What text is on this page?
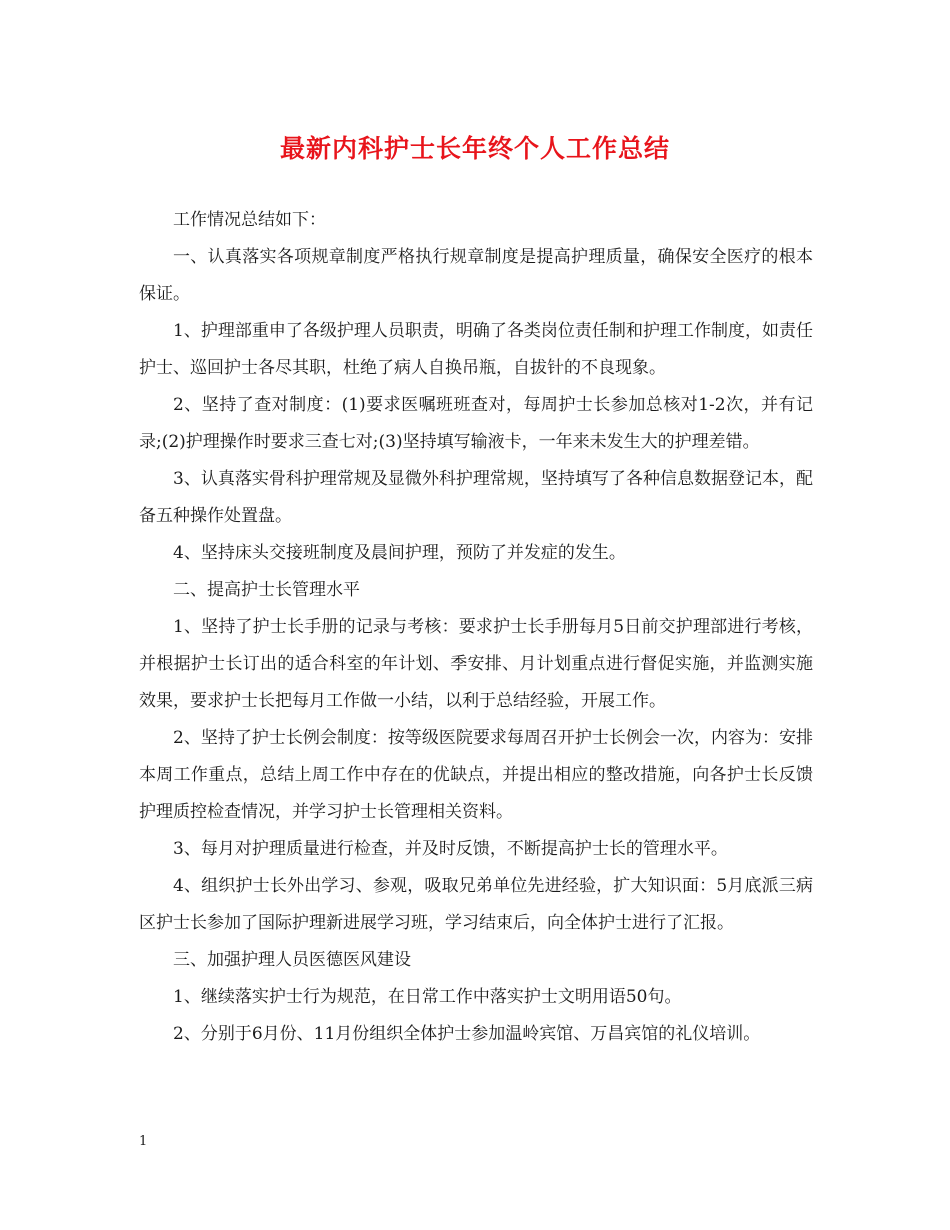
最新内科护士长年终个人工作总结

工作情况总结如下：

一、认真落实各项规章制度严格执行规章制度是提高护理质量，确保安全医疗的根本保证。

1、护理部重申了各级护理人员职责，明确了各类岗位责任制和护理工作制度，如责任护士、巡回护士各尽其职，杜绝了病人自换吊瓶，自拔针的不良现象。

2、坚持了查对制度：(1)要求医嘱班班查对，每周护士长参加总核对1-2次，并有记录;(2)护理操作时要求三查七对;(3)坚持填写输液卡，一年来未发生大的护理差错。

3、认真落实骨科护理常规及显微外科护理常规，坚持填写了各种信息数据登记本，配备五种操作处置盘。

4、坚持床头交接班制度及晨间护理，预防了并发症的发生。

二、提高护士长管理水平

1、坚持了护士长手册的记录与考核：要求护士长手册每月5日前交护理部进行考核，并根据护士长订出的适合科室的年计划、季安排、月计划重点进行督促实施，并监测实施效果，要求护士长把每月工作做一小结，以利于总结经验，开展工作。

2、坚持了护士长例会制度：按等级医院要求每周召开护士长例会一次，内容为：安排本周工作重点，总结上周工作中存在的优缺点，并提出相应的整改措施，向各护士长反馈护理质控检查情况，并学习护士长管理相关资料。

3、每月对护理质量进行检查，并及时反馈，不断提高护士长的管理水平。

4、组织护士长外出学习、参观，吸取兄弟单位先进经验，扩大知识面：5月底派三病区护士长参加了国际护理新进展学习班，学习结束后，向全体护士进行了汇报。

三、加强护理人员医德医风建设

1、继续落实护士行为规范，在日常工作中落实护士文明用语50句。

2、分别于6月份、11月份组织全体护士参加温岭宾馆、万昌宾馆的礼仪培训。

1
